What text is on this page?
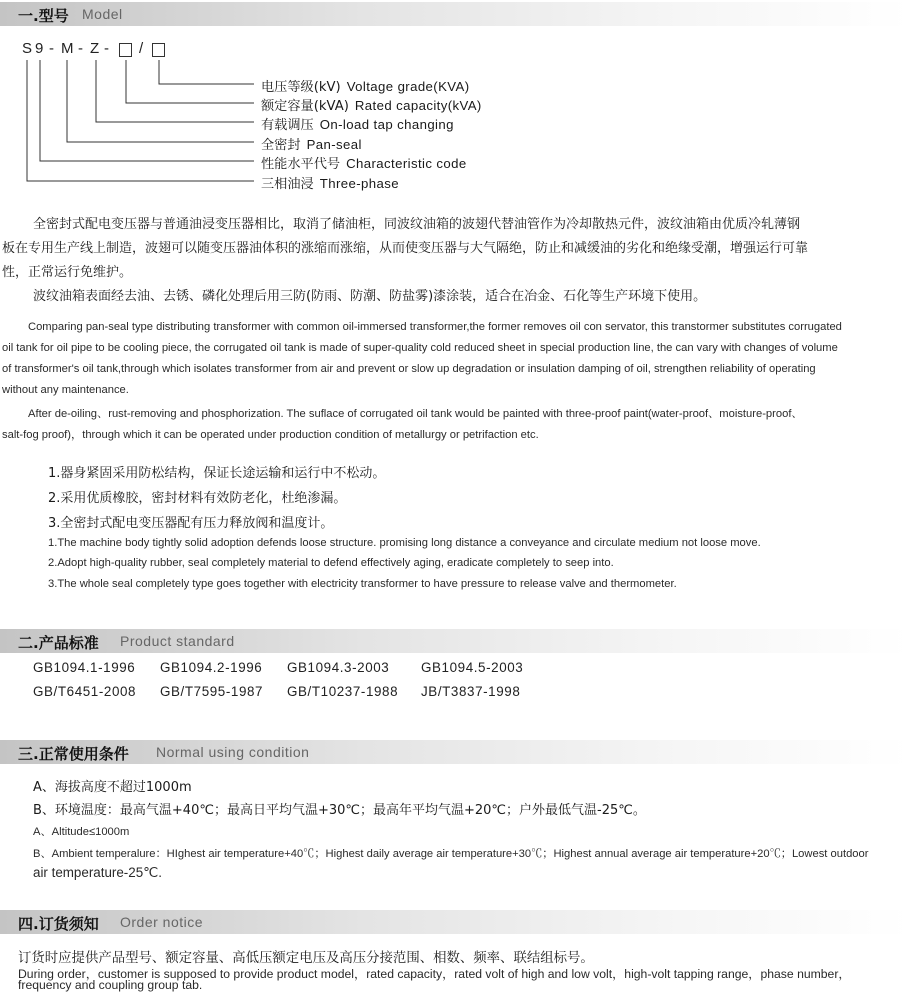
一.型号 Model
S 9 - M - Z - /
电压等级(kV) Voltage grade(KVA)
额定容量(kVA) Rated capacity(kVA)
有载调压 On-load tap changing
全密封 Pan-seal
性能水平代号 Characteristic code
三相油浸 Three-phase
全密封式配电变压器与普通油浸变压器相比，取消了储油柜，同波纹油箱的波翅代替油管作为冷却散热元件，波纹油箱由优质冷轧薄钢
板在专用生产线上制造，波翅可以随变压器油体积的涨缩而涨缩，从而使变压器与大气隔绝，防止和减缓油的劣化和绝缘受潮，增强运行可靠
性，正常运行免维护。
波纹油箱表面经去油、去锈、磷化处理后用三防(防雨、防潮、防盐雾)漆涂装，适合在冶金、石化等生产环境下使用。
Comparing pan-seal type distributing transformer with common oil-immersed transformer,the former removes oil con servator, this transtormer substitutes corrugated
oil tank for oil pipe to be cooling piece, the corrugated oil tank is made of super-quality cold reduced sheet in special production line, the can vary with changes of volume
of transformer's oil tank,through which isolates transformer from air and prevent or slow up degradation or insulation damping of oil, strengthen reliability of operating
without any maintenance.
After de-oiling、rust-removing and phosphorization. The suflace of corrugated oil tank would be painted with three-proof paint(water-proof、moisture-proof、
salt-fog proof)，through which it can be operated under production condition of metallurgy or petrifaction etc.
1.器身紧固采用防松结构，保证长途运输和运行中不松动。
2.采用优质橡胶，密封材料有效防老化，杜绝渗漏。
3.全密封式配电变压器配有压力释放阀和温度计。
1.The machine body tightly solid adoption defends loose structure. promising long distance a conveyance and circulate medium not loose move.
2.Adopt high-quality rubber, seal completely material to defend effectively aging, eradicate completely to seep into.
3.The whole seal completely type goes together with electricity transformer to have pressure to release valve and thermometer.
二.产品标准 Product standard
GB1094.1-1996 GB1094.2-1996 GB1094.3-2003 GB1094.5-2003
GB/T6451-2008 GB/T7595-1987 GB/T10237-1988 JB/T3837-1998
三.正常使用条件 Normal using condition
A、海拔高度不超过1000m
B、环境温度：最高气温+40℃；最高日平均气温+30℃；最高年平均气温+20℃；户外最低气温-25℃。
A、Altitude≤1000m
B、Ambient temperalure：HIghest air temperature+40℃；Highest daily average air temperature+30℃；Highest annual average air temperature+20℃；Lowest outdoor
air temperature-25℃.
四.订货须知 Order notice
订货时应提供产品型号、额定容量、高低压额定电压及高压分接范围、相数、频率、联结组标号。
During order，customer is supposed to provide product model，rated capacity，rated volt of high and low volt，high-volt tapping range，phase number，
frequency and coupling group tab.
